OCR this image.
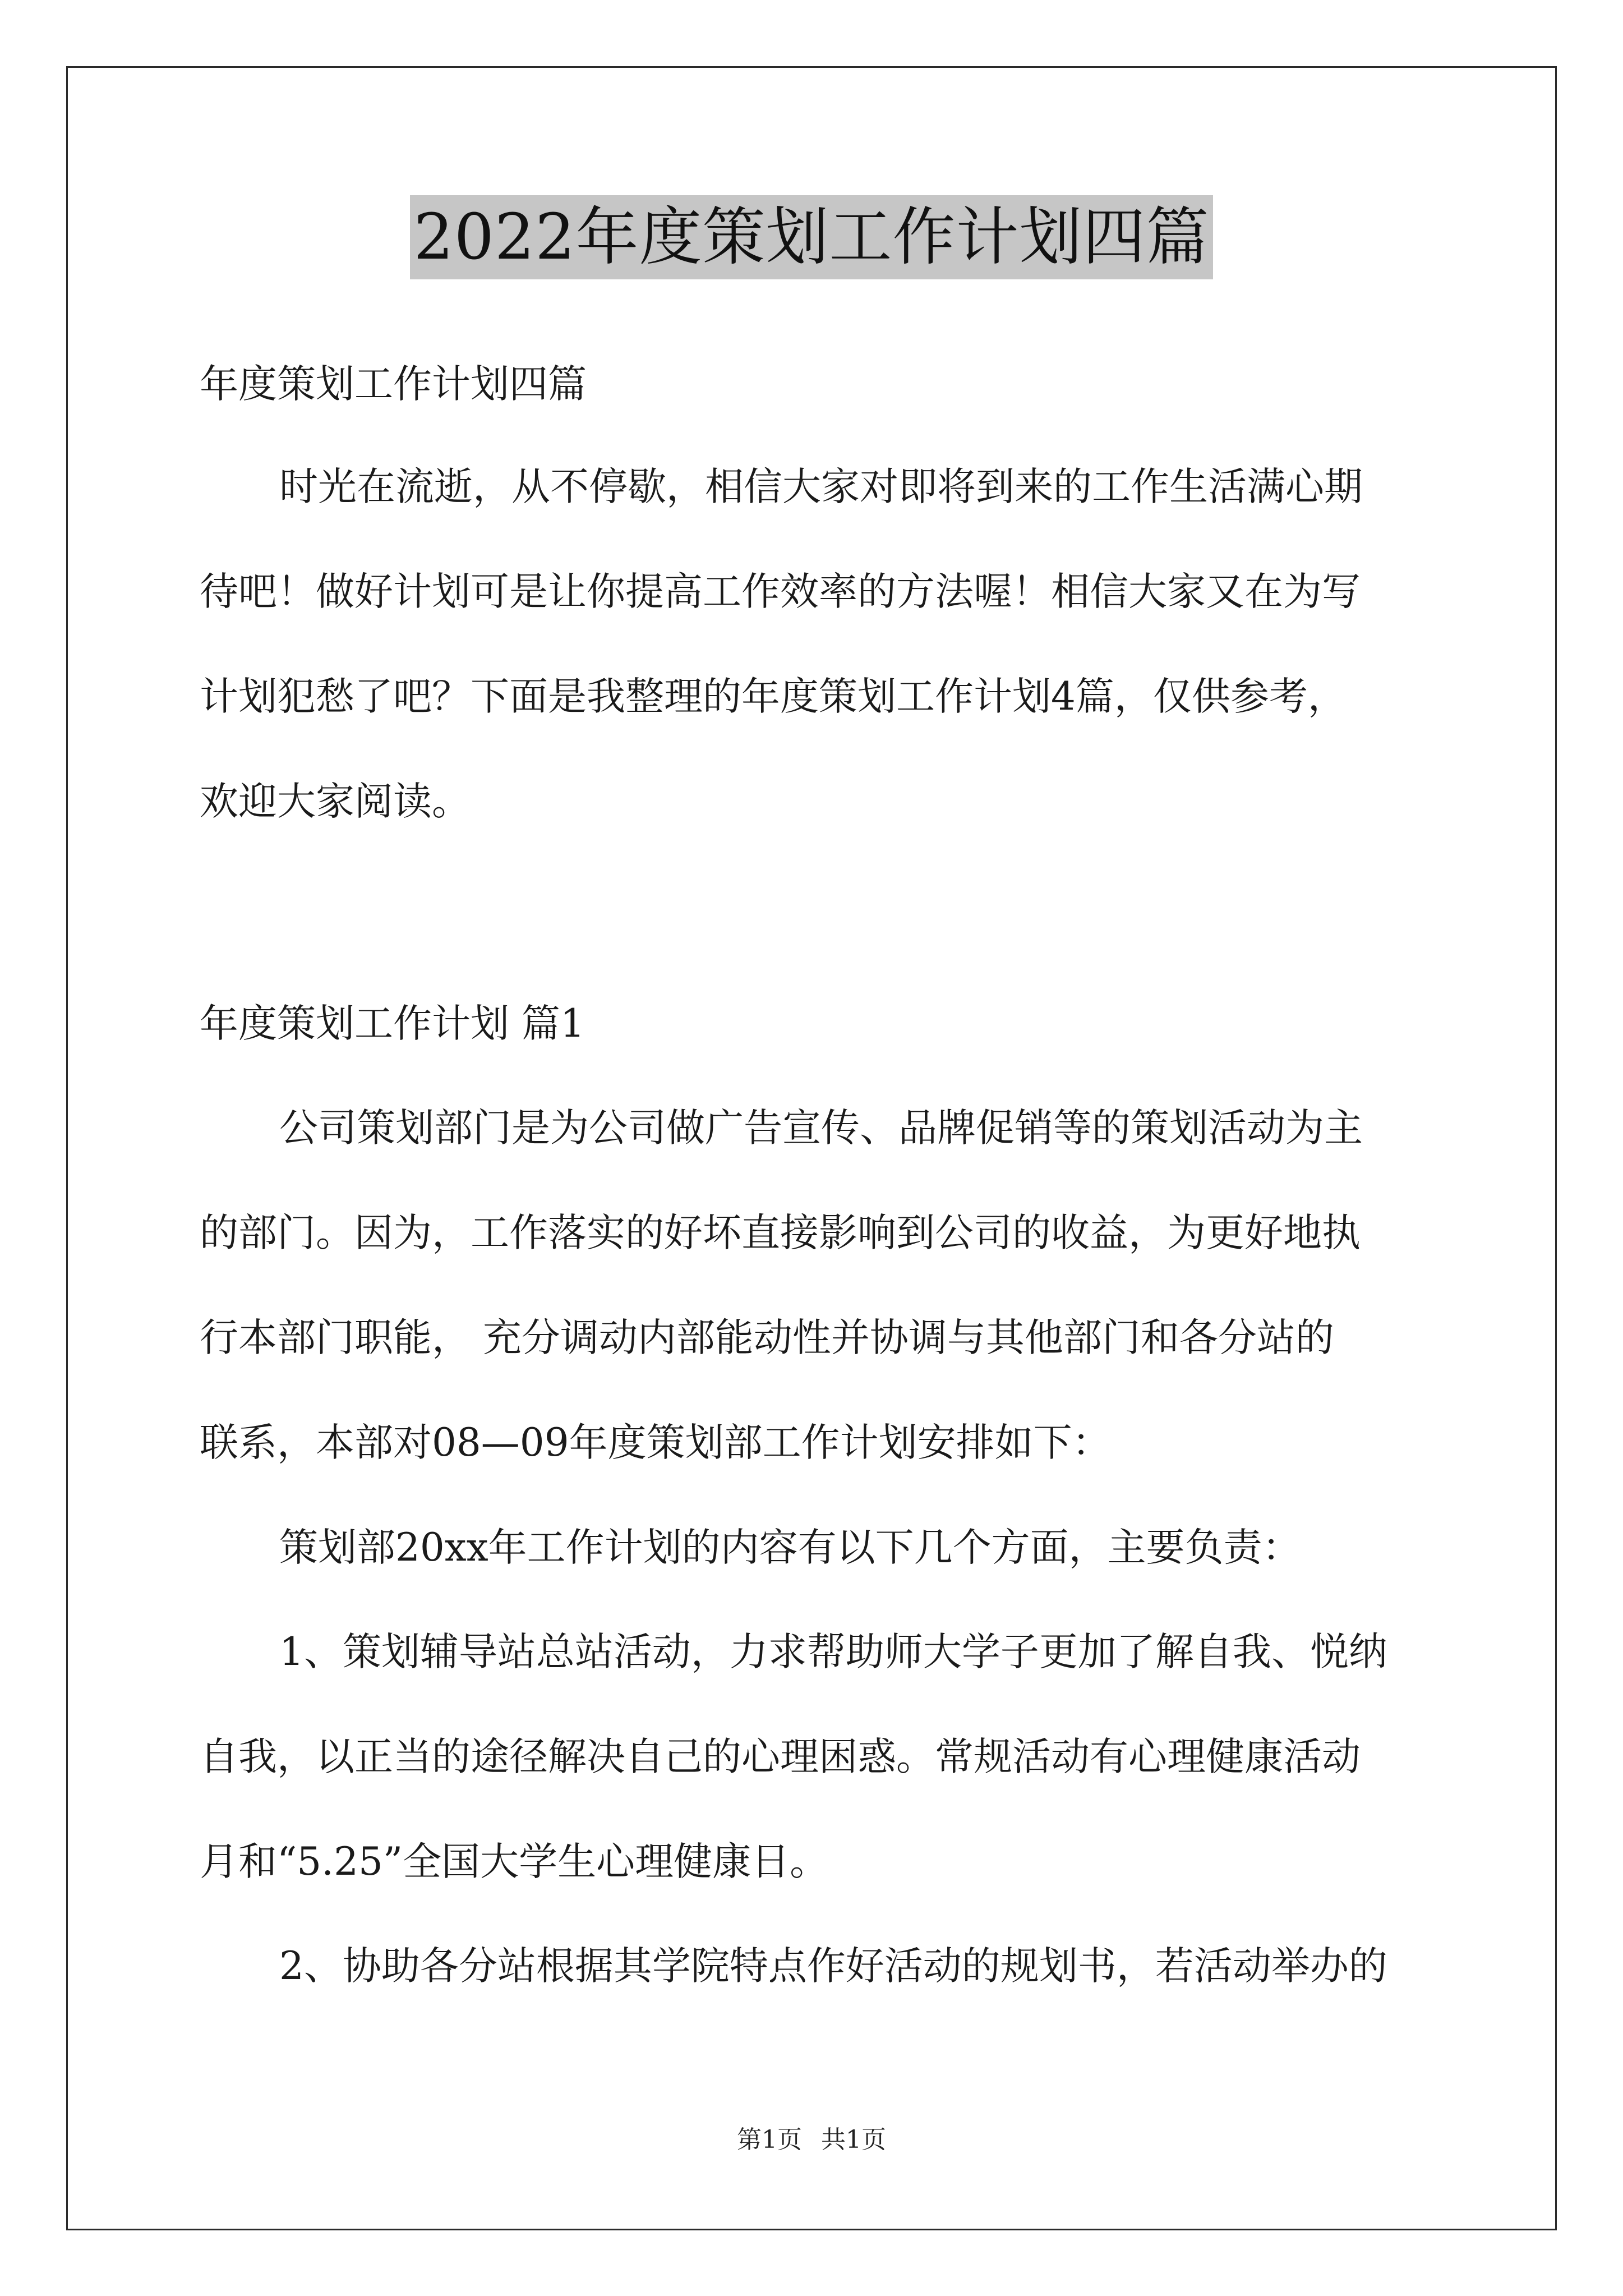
2022年度策划工作计划四篇
年度策划工作计划四篇
时光在流逝，从不停歇，相信大家对即将到来的工作生活满心期
待吧！做好计划可是让你提高工作效率的方法喔！相信大家又在为写
计划犯愁了吧？下面是我整理的年度策划工作计划4篇，仅供参考，
欢迎大家阅读。
年度策划工作计划 篇1
公司策划部门是为公司做广告宣传、品牌促销等的策划活动为主
的部门。因为，工作落实的好坏直接影响到公司的收益，为更好地执
行本部门职能， 充分调动内部能动性并协调与其他部门和各分站的
联系，本部对08—09年度策划部工作计划安排如下：
策划部20xx年工作计划的内容有以下几个方面，主要负责：
1、策划辅导站总站活动，力求帮助师大学子更加了解自我、悦纳
自我，以正当的途径解决自己的心理困惑。常规活动有心理健康活动
月和“5.25”全国大学生心理健康日。
2、协助各分站根据其学院特点作好活动的规划书，若活动举办的
第1页 共1页
